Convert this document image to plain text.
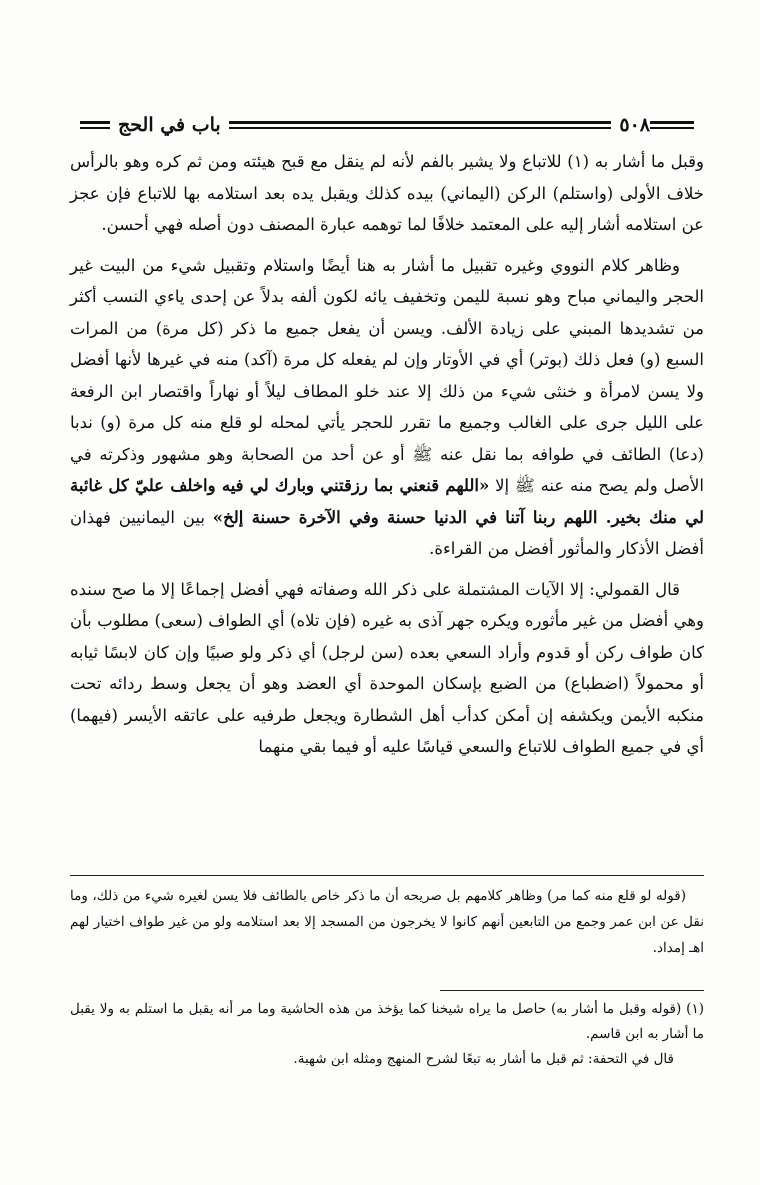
٥٠٨
باب في الحج

وقبل ما أشار به (١) للاتباع ولا يشير بالفم لأنه لم ينقل مع قبح هيئته ومن ثم كره وهو بالرأس خلاف الأولى (واستلم) الركن (اليماني) بيده كذلك ويقبل يده بعد استلامه بها للاتباع فإن عجز عن استلامه أشار إليه على المعتمد خلافًا لما توهمه عبارة المصنف دون أصله فهي أحسن.

وظاهر كلام النووي وغيره تقبيل ما أشار به هنا أيضًا واستلام وتقبيل شيء من البيت غير الحجر واليماني مباح وهو نسبة لليمن وتخفيف يائه لكون ألفه بدلاً عن إحدى ياءي النسب أكثر من تشديدها المبني على زيادة الألف. ويسن أن يفعل جميع ما ذكر (كل مرة) من المرات السبع (و) فعل ذلك (بوتر) أي في الأوتار وإن لم يفعله كل مرة (آكد) منه في غيرها لأنها أفضل ولا يسن لامرأة و خنثى شيء من ذلك إلا عند خلو المطاف ليلاً أو نهاراً واقتصار ابن الرفعة على الليل جرى على الغالب وجميع ما تقرر للحجر يأتي لمحله لو قلع منه كل مرة (و) ندبا (دعا) الطائف في طوافه بما نقل عنه ﷺ أو عن أحد من الصحابة وهو مشهور وذكرته في الأصل ولم يصح منه عنه ﷺ إلا «اللهم قنعني بما رزقتني وبارك لي فيه واخلف عليّ كل غائبة لي منك بخير. اللهم ربنا آتنا في الدنيا حسنة وفي الآخرة حسنة إلخ» بين اليمانيين فهذان أفضل الأذكار والمأثور أفضل من القراءة.

قال القمولي: إلا الآيات المشتملة على ذكر الله وصفاته فهي أفضل إجماعًا إلا ما صح سنده وهي أفضل من غير مأثوره ويكره جهر آذى به غيره (فإن تلاه) أي الطواف (سعى) مطلوب بأن كان طواف ركن أو قدوم وأراد السعي بعده (سن لرجل) أي ذكر ولو صبيًا وإن كان لابسًا ثيابه أو محمولاً (اضطباع) من الضبع بإسكان الموحدة أي العضد وهو أن يجعل وسط ردائه تحت منكبه الأيمن ويكشفه إن أمكن كدأب أهل الشطارة ويجعل طرفيه على عاتقه الأيسر (فيهما) أي في جميع الطواف للاتباع والسعي قياسًا عليه أو فيما بقي منهما

(قوله لو قلع منه كما مر) وظاهر كلامهم بل صريحه أن ما ذكر خاص بالطائف فلا يسن لغيره شيء من ذلك، وما نقل عن ابن عمر وجمع من التابعين أنهم كانوا لا يخرجون من المسجد إلا بعد استلامه ولو من غير طواف اختيار لهم اهـ إمداد.

(١) (قوله وقبل ما أشار به) حاصل ما يراه شيخنا كما يؤخذ من هذه الحاشية وما مر أنه يقبل ما استلم به ولا يقبل ما أشار به ابن قاسم.

قال في التحفة: ثم قبل ما أشار به تبعًا لشرح المنهج ومثله ابن شهبة.
